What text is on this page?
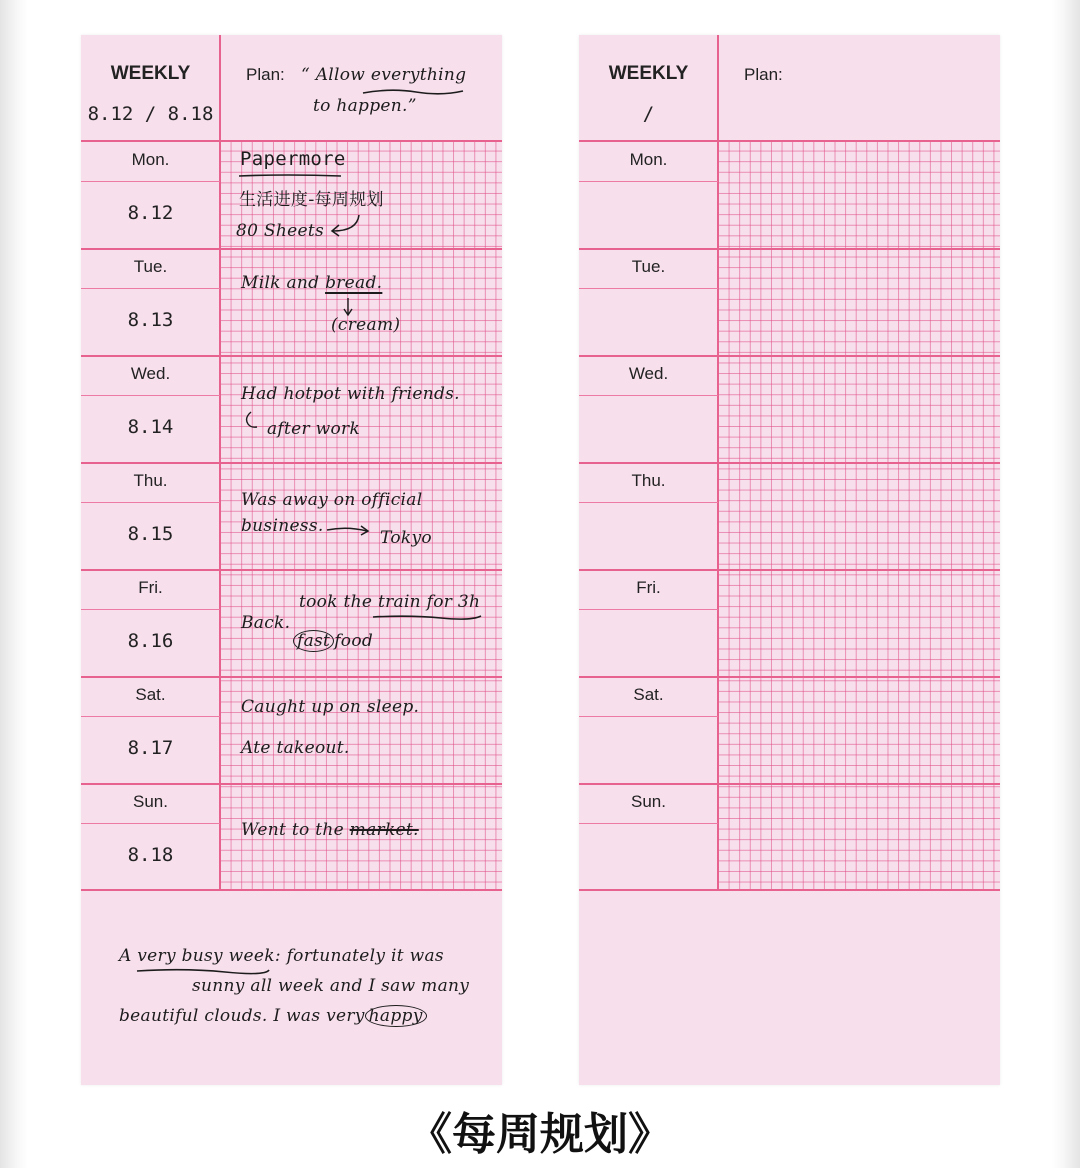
WEEKLY
8.12 / 8.18
Plan: “ Allow everything
to happen.”
Mon.
8.12
Tue.
8.13
Wed.
8.14
Thu.
8.15
Fri.
8.16
Sat.
8.17
Sun.
8.18
Papermore
生活进度-每周规划
80 Sheets
Milk and bread.
(cream)
Had hotpot with friends.
after work
Was away on official
business.
Tokyo
took the train for 3h
Back.
fast food
Caught up on sleep.
Ate takeout.
Went to the market.
A very busy week: fortunately it was
sunny all week and I saw many
beautiful clouds. I was very happy
WEEKLY
/
Plan:
Mon.
Tue.
Wed.
Thu.
Fri.
Sat.
Sun.
《每周规划》
